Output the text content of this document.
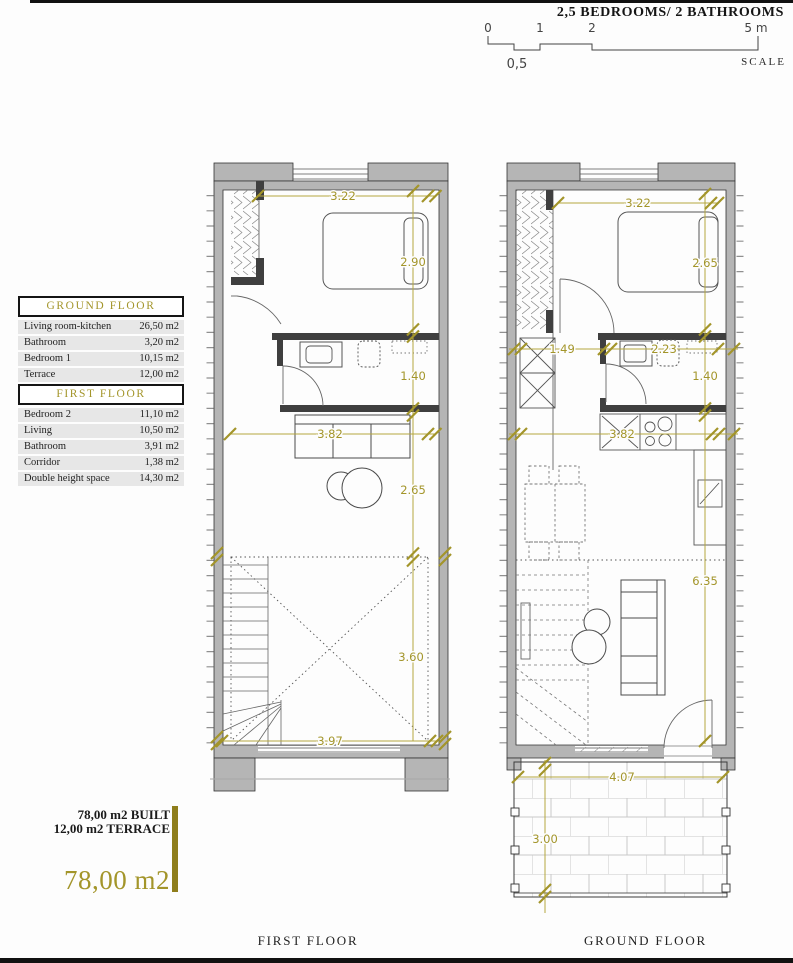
2,5 BEDROOMS/ 2 BATHROOMS
GROUND FLOOR
Living room-kitchen	26,50 m2
Bathroom	3,20 m2
Bedroom 1	10,15 m2
Terrace	12,00 m2
FIRST FLOOR
Bedroom 2	11,10 m2
Living	10,50 m2
Bathroom	3,91 m2
Corridor	1,38 m2
Double height space	14,30 m2
78,00 m2 BUILT
12,00 m2 TERRACE
78,00 m2
0	1	2	5 m
0,5	SCALE
3.22
2.90
1.40
3.82
2.65
3.60
3.97
3.22
2.65
1.49	2.23
1.40
3.82
6.35
4.07
3.00
FIRST FLOOR	GROUND FLOOR
